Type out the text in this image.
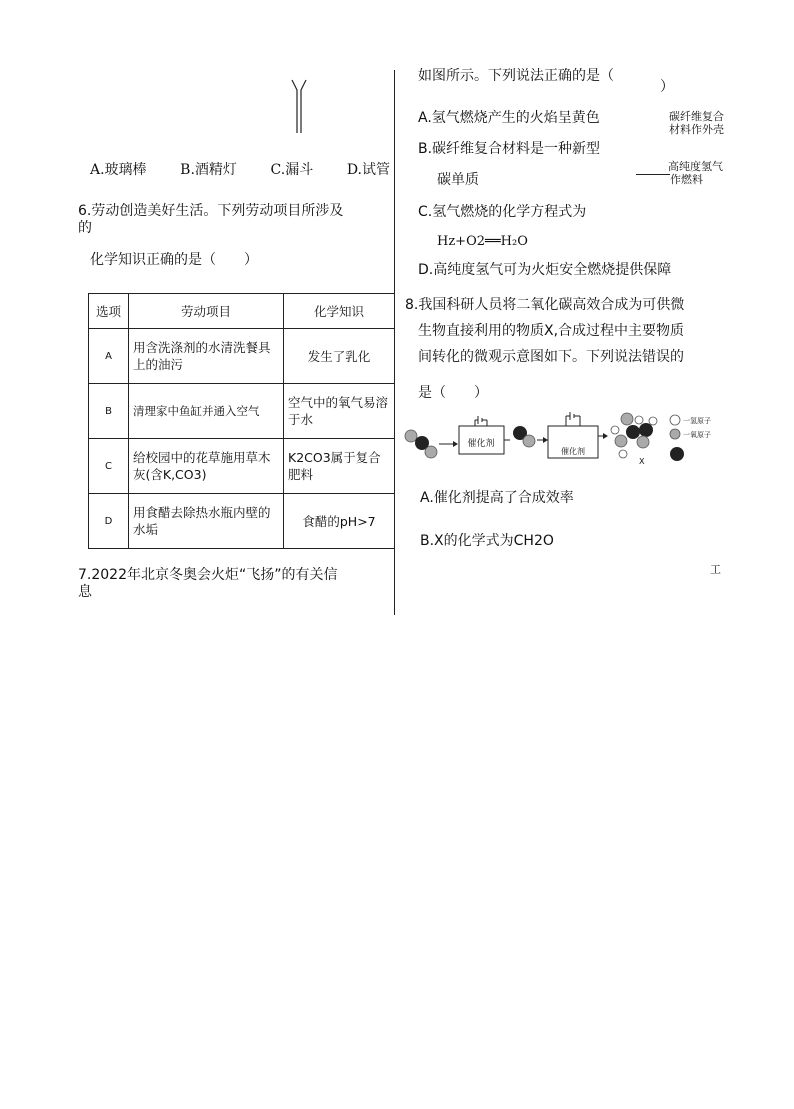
A.玻璃棒 B.酒精灯 C.漏斗 D.试管
6.劳动创造美好生活。下列劳动项目所涉及
的
化学知识正确的是（　　）
选项	劳动项目	化学知识
A	用含洗涤剂的水清洗餐具上的油污	发生了乳化
B	清理家中鱼缸并通入空气	空气中的氧气易溶于水
C	给校园中的花草施用草木灰(含K,CO3)	K2CO3属于复合肥料
D	用食醋去除热水瓶内壁的水垢	食醋的pH>7
7.2022年北京冬奥会火炬“飞扬”的有关信
息
如图所示。下列说法正确的是（
）
A.氢气燃烧产生的火焰呈黄色
B.碳纤维复合材料是一种新型
碳单质
C.氢气燃烧的化学方程式为
Hz+O2══H₂O
D.高纯度氢气可为火炬安全燃烧提供保障
碳纤维复合
材料作外壳
高纯度氢气
作燃料
8.我国科研人员将二氧化碳高效合成为可供微
生物直接利用的物质X,合成过程中主要物质
间转化的微观示意图如下。下列说法错误的
是（　　）
催化剂
催化剂
X
一氢原子
一氧原子
A.催化剂提高了合成效率
B.X的化学式为CH2O
工
